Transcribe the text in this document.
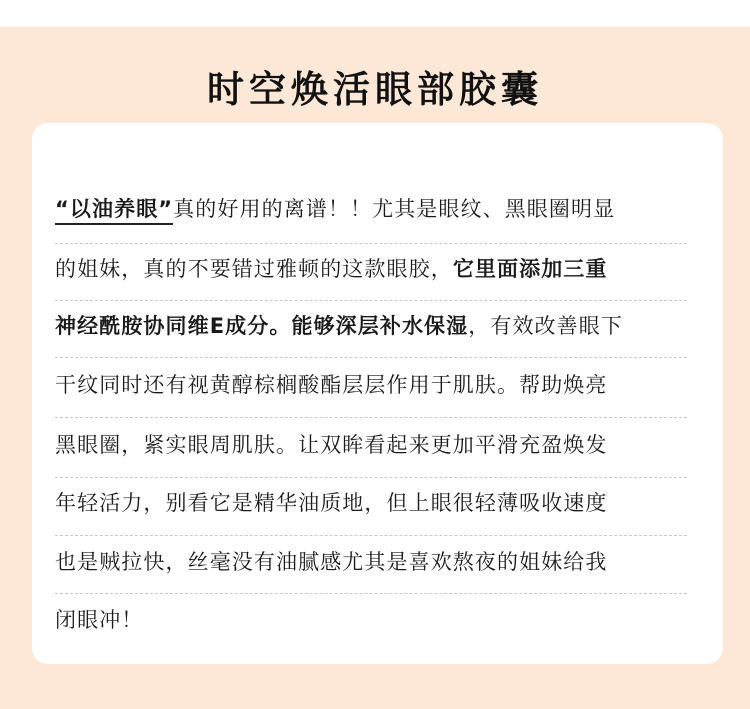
时空焕活眼部胶囊
“以油养眼”真的好用的离谱！！尤其是眼纹、黑眼圈明显
的姐妹，真的不要错过雅顿的这款眼胶，它里面添加三重
神经酰胺协同维E成分。能够深层补水保湿，有效改善眼下
干纹同时还有视黄醇棕榈酸酯层层作用于肌肤。帮助焕亮
黑眼圈，紧实眼周肌肤。让双眸看起来更加平滑充盈焕发
年轻活力，别看它是精华油质地，但上眼很轻薄吸收速度
也是贼拉快，丝毫没有油腻感尤其是喜欢熬夜的姐妹给我
闭眼冲！
